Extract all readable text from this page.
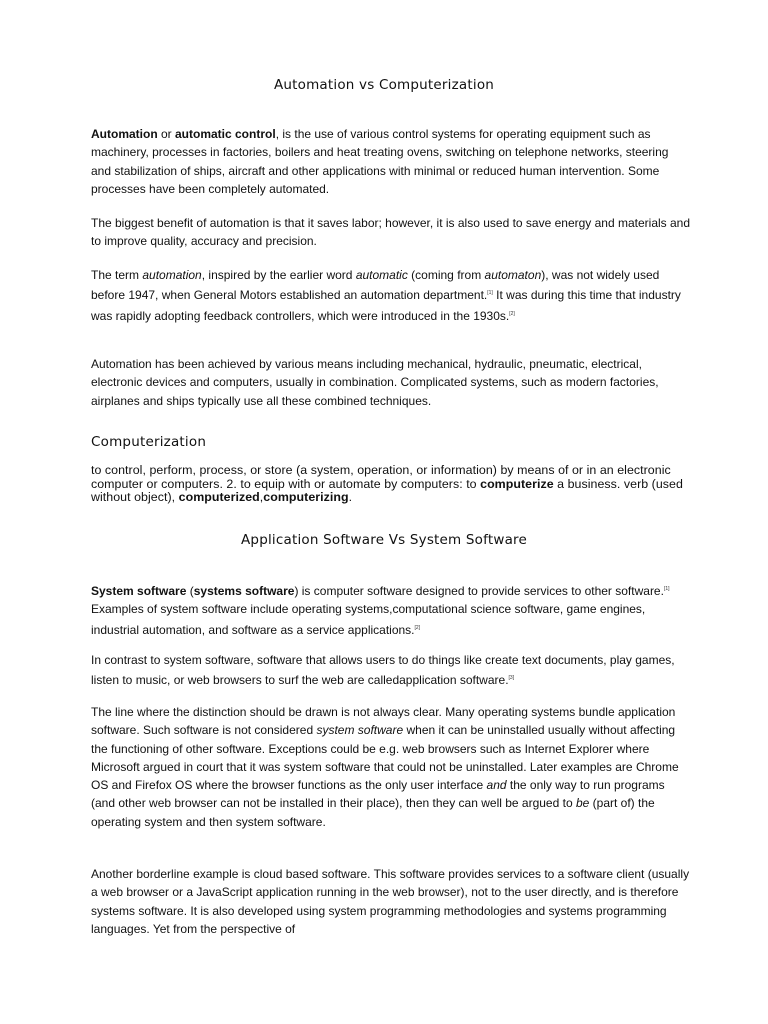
Automation vs Computerization

Automation or automatic control, is the use of various control systems for operating equipment such as machinery, processes in factories, boilers and heat treating ovens, switching on telephone networks, steering and stabilization of ships, aircraft and other applications with minimal or reduced human intervention. Some processes have been completely automated.

The biggest benefit of automation is that it saves labor; however, it is also used to save energy and materials and to improve quality, accuracy and precision.

The term automation, inspired by the earlier word automatic (coming from automaton), was not widely used before 1947, when General Motors established an automation department.[1] It was during this time that industry was rapidly adopting feedback controllers, which were introduced in the 1930s.[2]

Automation has been achieved by various means including mechanical, hydraulic, pneumatic, electrical, electronic devices and computers, usually in combination. Complicated systems, such as modern factories, airplanes and ships typically use all these combined techniques.

Computerization

to control, perform, process, or store (a system, operation, or information) by means of or in an electronic computer or computers. 2. to equip with or automate by computers: to computerize a business. verb (used without object), computerized,computerizing.

Application Software Vs System Software

System software (systems software) is computer software designed to provide services to other software.[1] Examples of system software include operating systems,computational science software, game engines, industrial automation, and software as a service applications.[2]

In contrast to system software, software that allows users to do things like create text documents, play games, listen to music, or web browsers to surf the web are calledapplication software.[3]

The line where the distinction should be drawn is not always clear. Many operating systems bundle application software. Such software is not considered system software when it can be uninstalled usually without affecting the functioning of other software. Exceptions could be e.g. web browsers such as Internet Explorer where Microsoft argued in court that it was system software that could not be uninstalled. Later examples are Chrome OS and Firefox OS where the browser functions as the only user interface and the only way to run programs (and other web browser can not be installed in their place), then they can well be argued to be (part of) the operating system and then system software.

Another borderline example is cloud based software. This software provides services to a software client (usually a web browser or a JavaScript application running in the web browser), not to the user directly, and is therefore systems software. It is also developed using system programming methodologies and systems programming languages. Yet from the perspective of
